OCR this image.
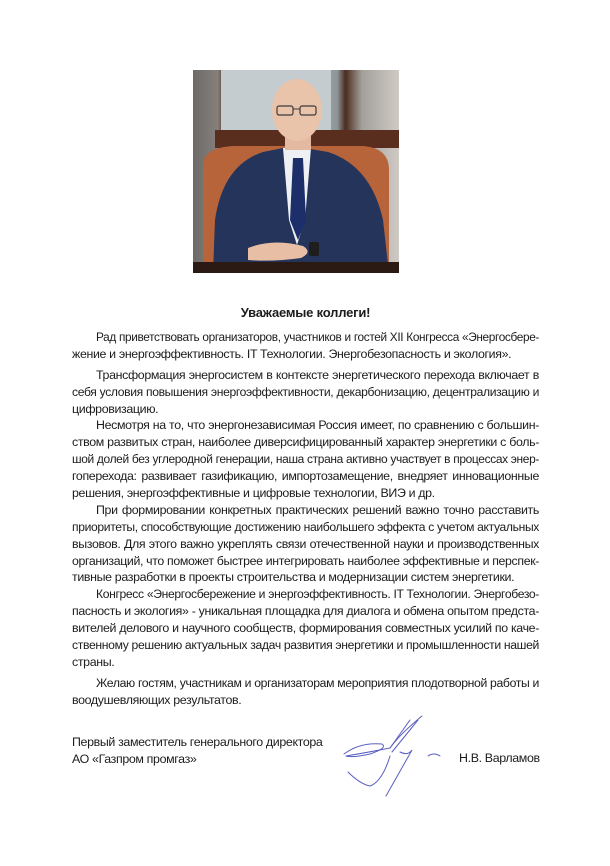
Уважаемые коллеги!
Рад приветствовать организаторов, участников и гостей XII Конгресса «Энергосбере-
жение и энергоэффективность. IT Технологии. Энергобезопасность и экология».
Трансформация энергосистем в контексте энергетического перехода включает в
себя условия повышения энергоэффективности, декарбонизацию, децентрализацию и
цифровизацию.
Несмотря на то, что энергонезависимая Россия имеет, по сравнению с большин-
ством развитых стран, наиболее диверсифицированный характер энергетики с боль-
шой долей без углеродной генерации, наша страна активно участвует в процессах энер-
гоперехода: развивает газификацию, импортозамещение, внедряет инновационные
решения, энергоэффективные и цифровые технологии, ВИЭ и др.
При формировании конкретных практических решений важно точно расставить
приоритеты, способствующие достижению наибольшего эффекта с учетом актуальных
вызовов. Для этого важно укреплять связи отечественной науки и производственных
организаций, что поможет быстрее интегрировать наиболее эффективные и перспек-
тивные разработки в проекты строительства и модернизации систем энергетики.
Конгресс «Энергосбережение и энергоэффективность. IT Технологии. Энергобезо-
пасность и экология» - уникальная площадка для диалога и обмена опытом предста-
вителей делового и научного сообществ, формирования совместных усилий по каче-
ственному решению актуальных задач развития энергетики и промышленности нашей
страны.
Желаю гостям, участникам и организаторам мероприятия плодотворной работы и
воодушевляющих результатов.
Первый заместитель генерального директора
АО «Газпром промгаз»	Н.В. Варламов
